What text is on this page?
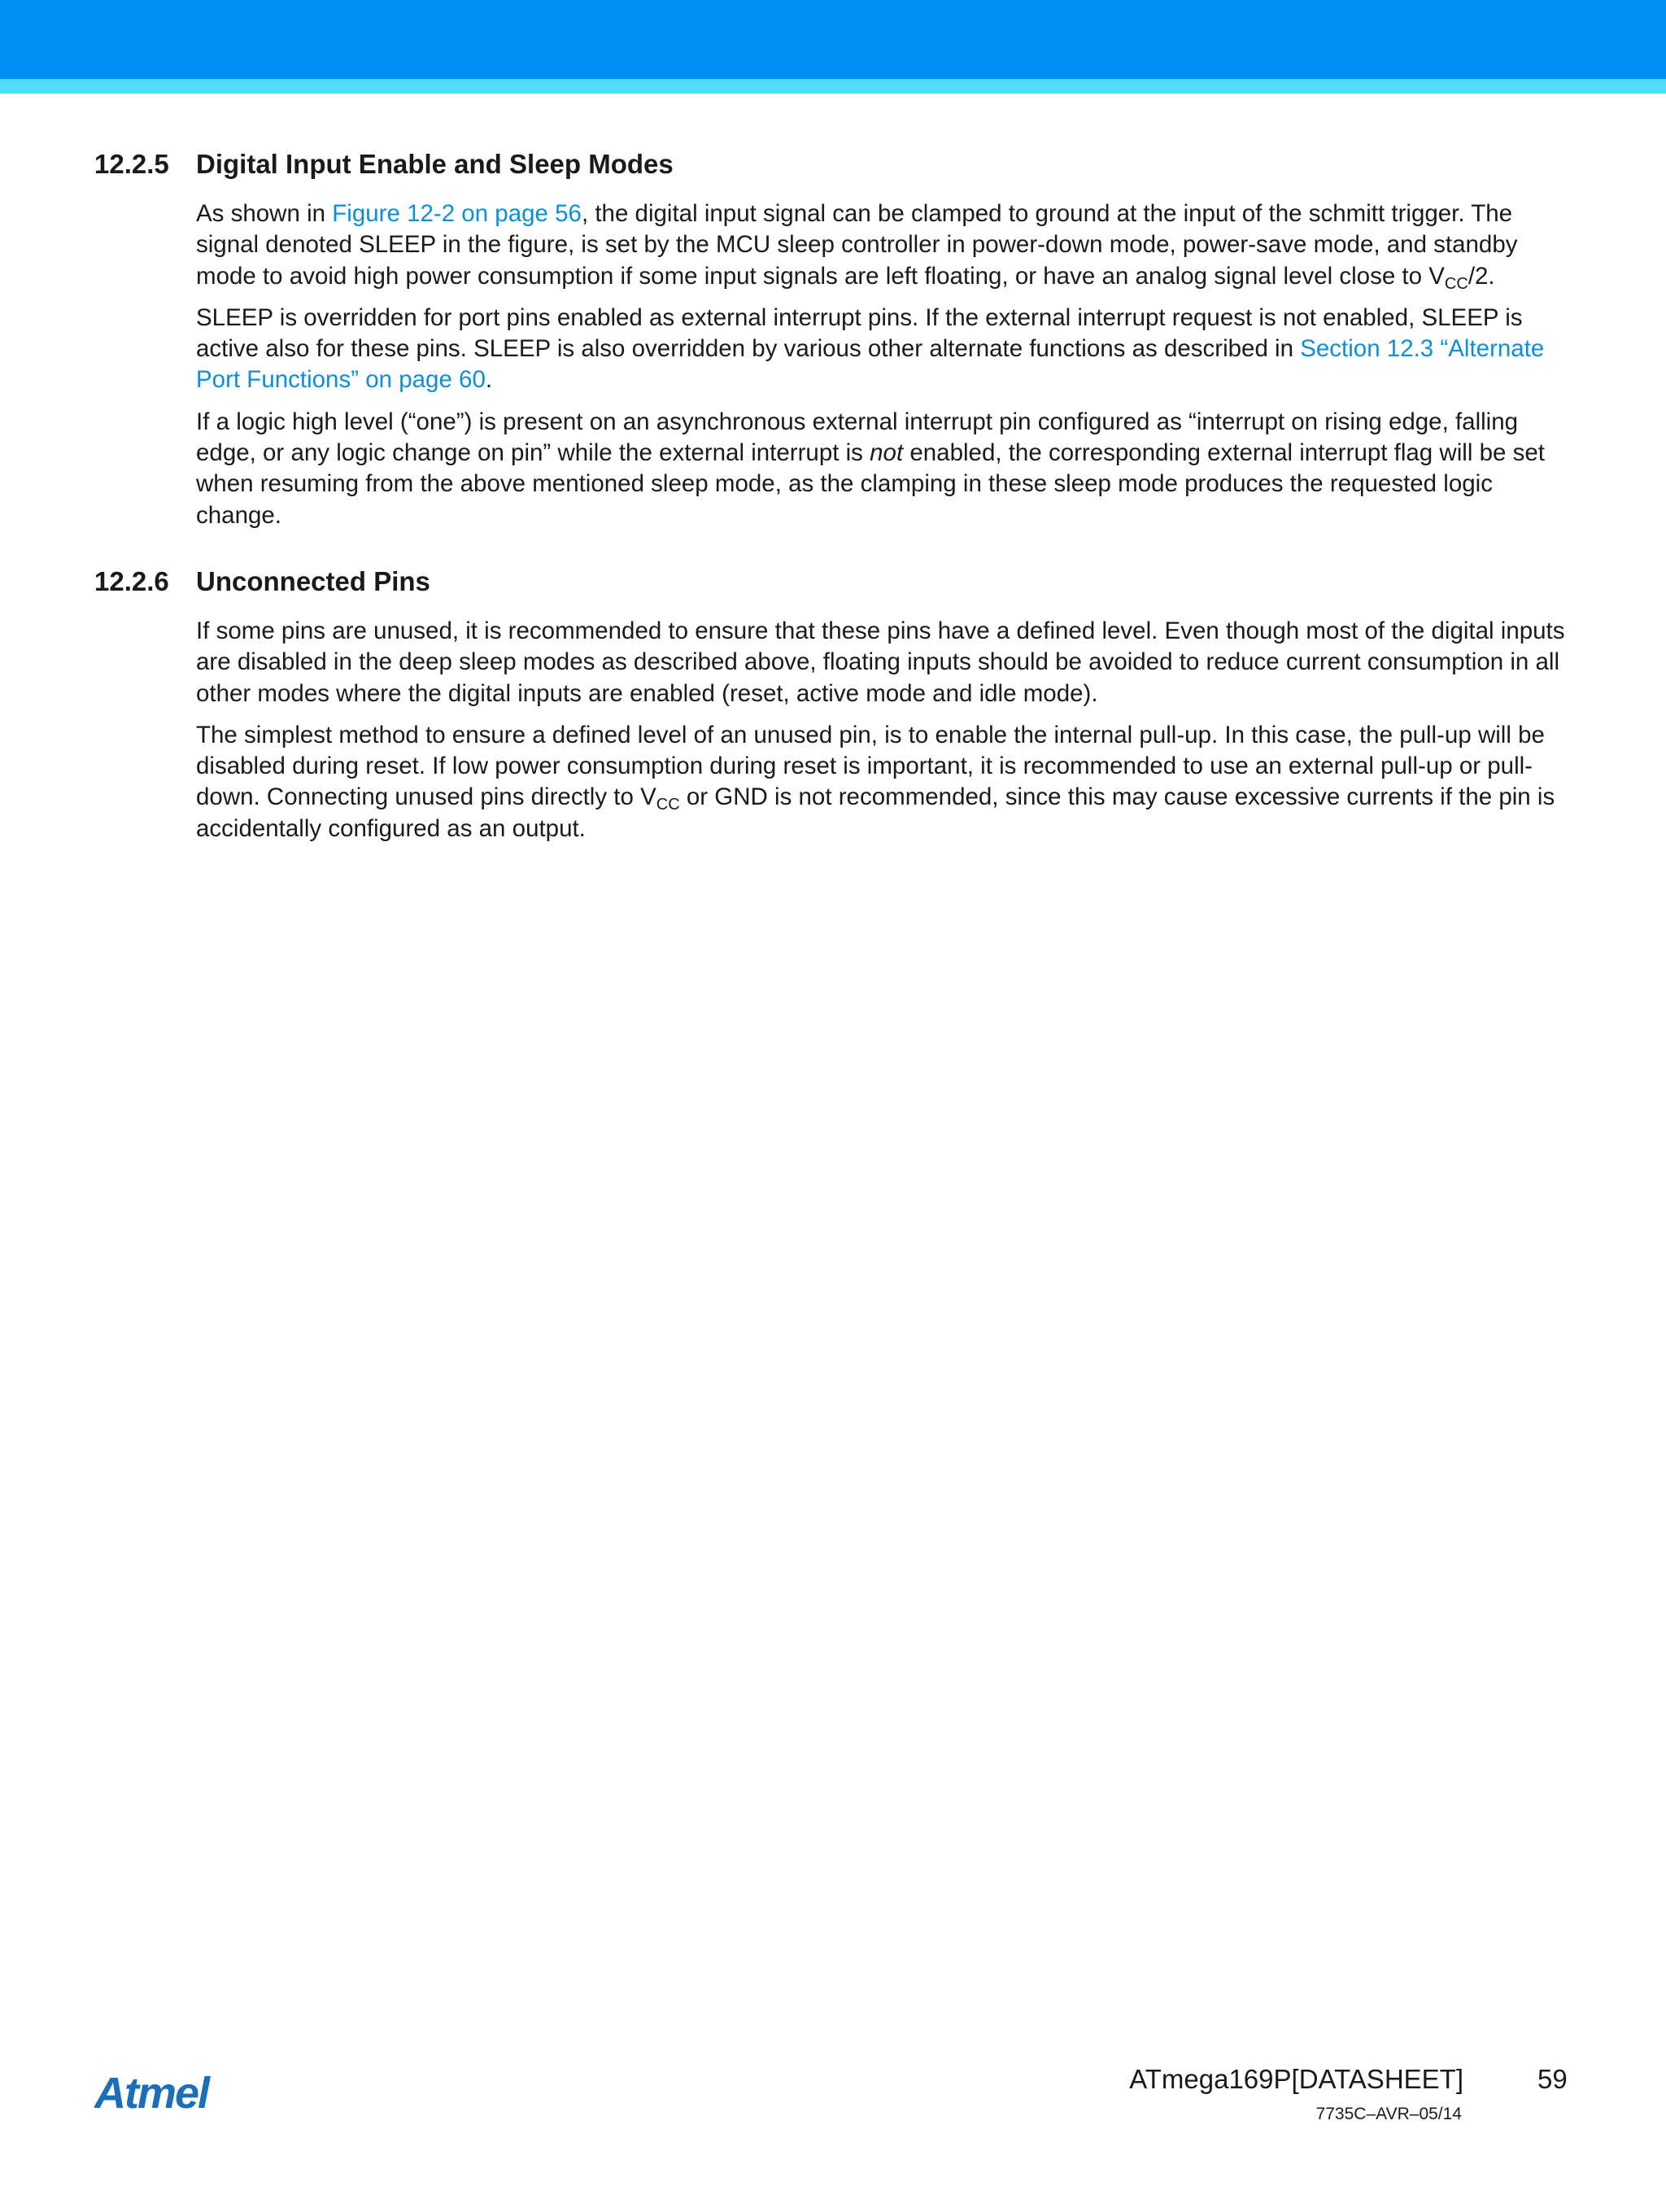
12.2.5 Digital Input Enable and Sleep Modes

As shown in Figure 12-2 on page 56, the digital input signal can be clamped to ground at the input of the schmitt trigger. The signal denoted SLEEP in the figure, is set by the MCU sleep controller in power-down mode, power-save mode, and standby mode to avoid high power consumption if some input signals are left floating, or have an analog signal level close to $V_{CC}/2$.

SLEEP is overridden for port pins enabled as external interrupt pins. If the external interrupt request is not enabled, SLEEP is active also for these pins. SLEEP is also overridden by various other alternate functions as described in Section 12.3 “Alternate Port Functions” on page 60.

If a logic high level (“one”) is present on an asynchronous external interrupt pin configured as “interrupt on rising edge, falling edge, or any logic change on pin” while the external interrupt is not enabled, the corresponding external interrupt flag will be set when resuming from the above mentioned sleep mode, as the clamping in these sleep mode produces the requested logic change.

12.2.6 Unconnected Pins

If some pins are unused, it is recommended to ensure that these pins have a defined level. Even though most of the digital inputs are disabled in the deep sleep modes as described above, floating inputs should be avoided to reduce current consumption in all other modes where the digital inputs are enabled (reset, active mode and idle mode).

The simplest method to ensure a defined level of an unused pin, is to enable the internal pull-up. In this case, the pull-up will be disabled during reset. If low power consumption during reset is important, it is recommended to use an external pull-up or pull-down. Connecting unused pins directly to $V_{CC}$ or GND is not recommended, since this may cause excessive currents if the pin is accidentally configured as an output.

Atmel	ATmega169P[DATASHEET]	59
7735C–AVR–05/14
